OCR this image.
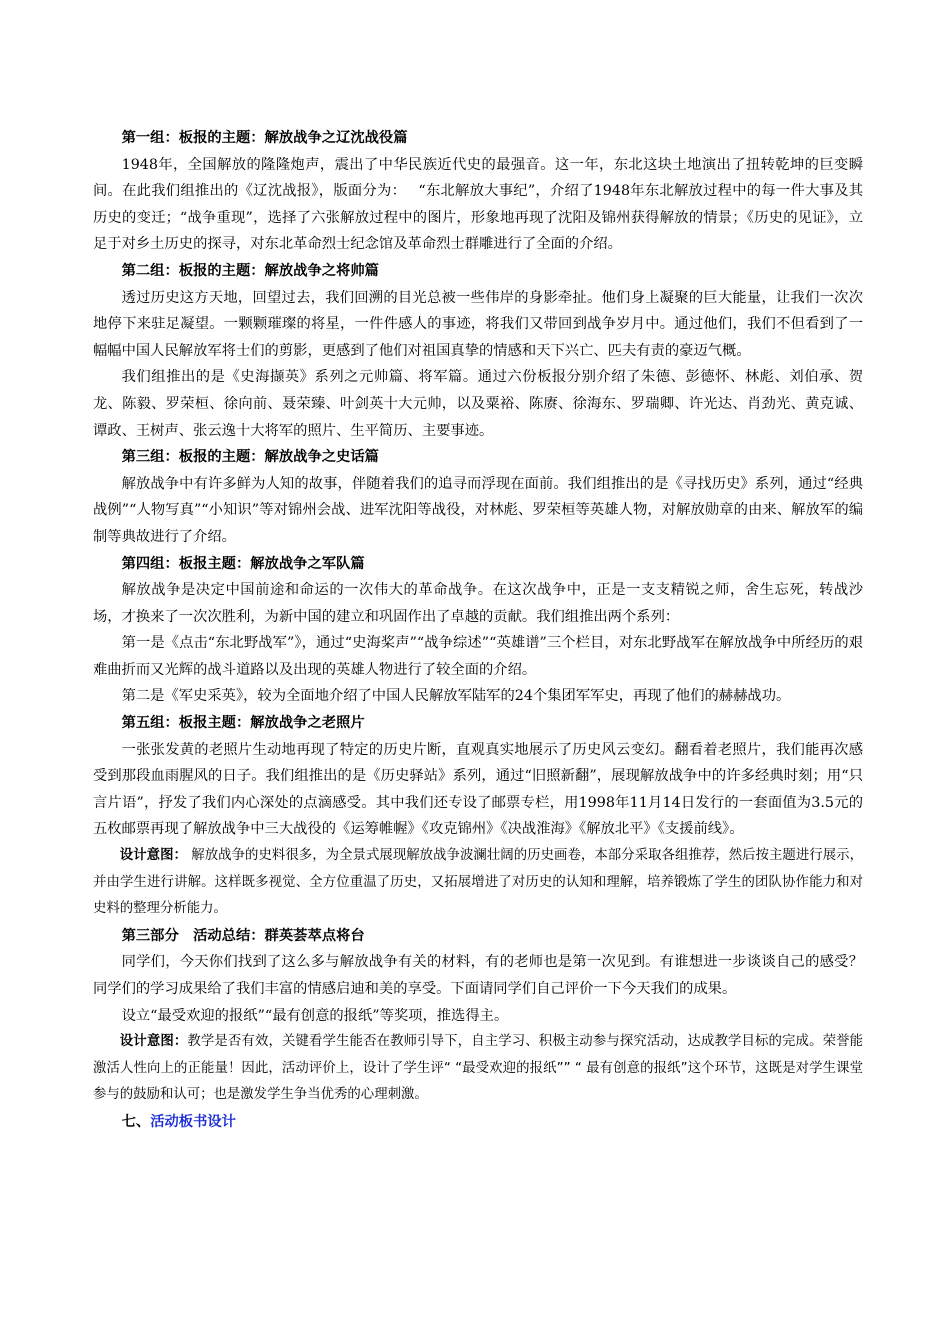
第一组：板报的主题：解放战争之辽沈战役篇

1948年，全国解放的隆隆炮声，震出了中华民族近代史的最强音。这一年，东北这块土地演出了扭转乾坤的巨变瞬间。在此我们组推出的《辽沈战报》，版面分为：　 “东北解放大事纪”，介绍了1948年东北解放过程中的每一件大事及其历史的变迁；“战争重现”，选择了六张解放过程中的图片，形象地再现了沈阳及锦州获得解放的情景；《历史的见证》，立足于对乡土历史的探寻，对东北革命烈士纪念馆及革命烈士群雕进行了全面的介绍。

第二组：板报的主题：解放战争之将帅篇

透过历史这方天地，回望过去，我们回溯的目光总被一些伟岸的身影牵扯。他们身上凝聚的巨大能量，让我们一次次地停下来驻足凝望。一颗颗璀璨的将星，一件件感人的事迹，将我们又带回到战争岁月中。通过他们，我们不但看到了一幅幅中国人民解放军将士们的剪影，更感到了他们对祖国真挚的情感和天下兴亡、匹夫有责的豪迈气概。

我们组推出的是《史海撷英》系列之元帅篇、将军篇。通过六份板报分别介绍了朱德、彭德怀、林彪、刘伯承、贺龙、陈毅、罗荣桓、徐向前、聂荣臻、叶剑英十大元帅，以及粟裕、陈赓、徐海东、罗瑞卿、许光达、肖劲光、黄克诚、谭政、王树声、张云逸十大将军的照片、生平简历、主要事迹。

第三组：板报的主题：解放战争之史话篇

解放战争中有许多鲜为人知的故事，伴随着我们的追寻而浮现在面前。我们组推出的是《寻找历史》系列，通过“经典战例”“人物写真”“小知识”等对锦州会战、进军沈阳等战役，对林彪、罗荣桓等英雄人物，对解放勋章的由来、解放军的编制等典故进行了介绍。

第四组：板报主题：解放战争之军队篇

解放战争是决定中国前途和命运的一次伟大的革命战争。在这次战争中，正是一支支精锐之师，舍生忘死，转战沙场，才换来了一次次胜利，为新中国的建立和巩固作出了卓越的贡献。我们组推出两个系列：

第一是《点击“东北野战军”》，通过“史海桨声”“战争综述”“英雄谱”三个栏目，对东北野战军在解放战争中所经历的艰难曲折而又光辉的战斗道路以及出现的英雄人物进行了较全面的介绍。

第二是《军史采英》，较为全面地介绍了中国人民解放军陆军的24个集团军军史，再现了他们的赫赫战功。

第五组：板报主题：解放战争之老照片

一张张发黄的老照片生动地再现了特定的历史片断，直观真实地展示了历史风云变幻。翻看着老照片，我们能再次感受到那段血雨腥风的日子。我们组推出的是《历史驿站》系列，通过“旧照新翻”，展现解放战争中的许多经典时刻；用“只言片语”，抒发了我们内心深处的点滴感受。其中我们还专设了邮票专栏，用1998年11月14日发行的一套面值为3.5元的五枚邮票再现了解放战争中三大战役的《运筹帷幄》《攻克锦州》《决战淮海》《解放北平》《支援前线》。

设计意图： 解放战争的史料很多，为全景式展现解放战争波澜壮阔的历史画卷，本部分采取各组推荐，然后按主题进行展示，并由学生进行讲解。这样既多视觉、全方位重温了历史，又拓展增进了对历史的认知和理解，培养锻炼了学生的团队协作能力和对史料的整理分析能力。

第三部分　活动总结：群英荟萃点将台

同学们，今天你们找到了这么多与解放战争有关的材料，有的老师也是第一次见到。有谁想进一步谈谈自己的感受？同学们的学习成果给了我们丰富的情感启迪和美的享受。下面请同学们自己评价一下今天我们的成果。

设立“最受欢迎的报纸”“最有创意的报纸”等奖项，推选得主。

设计意图：教学是否有效，关键看学生能否在教师引导下，自主学习、积极主动参与探究活动，达成教学目标的完成。荣誉能激活人性向上的正能量！因此，活动评价上，设计了学生评“ “最受欢迎的报纸”” “ 最有创意的报纸”这个环节，这既是对学生课堂参与的鼓励和认可；也是激发学生争当优秀的心理刺激。

七、活动板书设计
